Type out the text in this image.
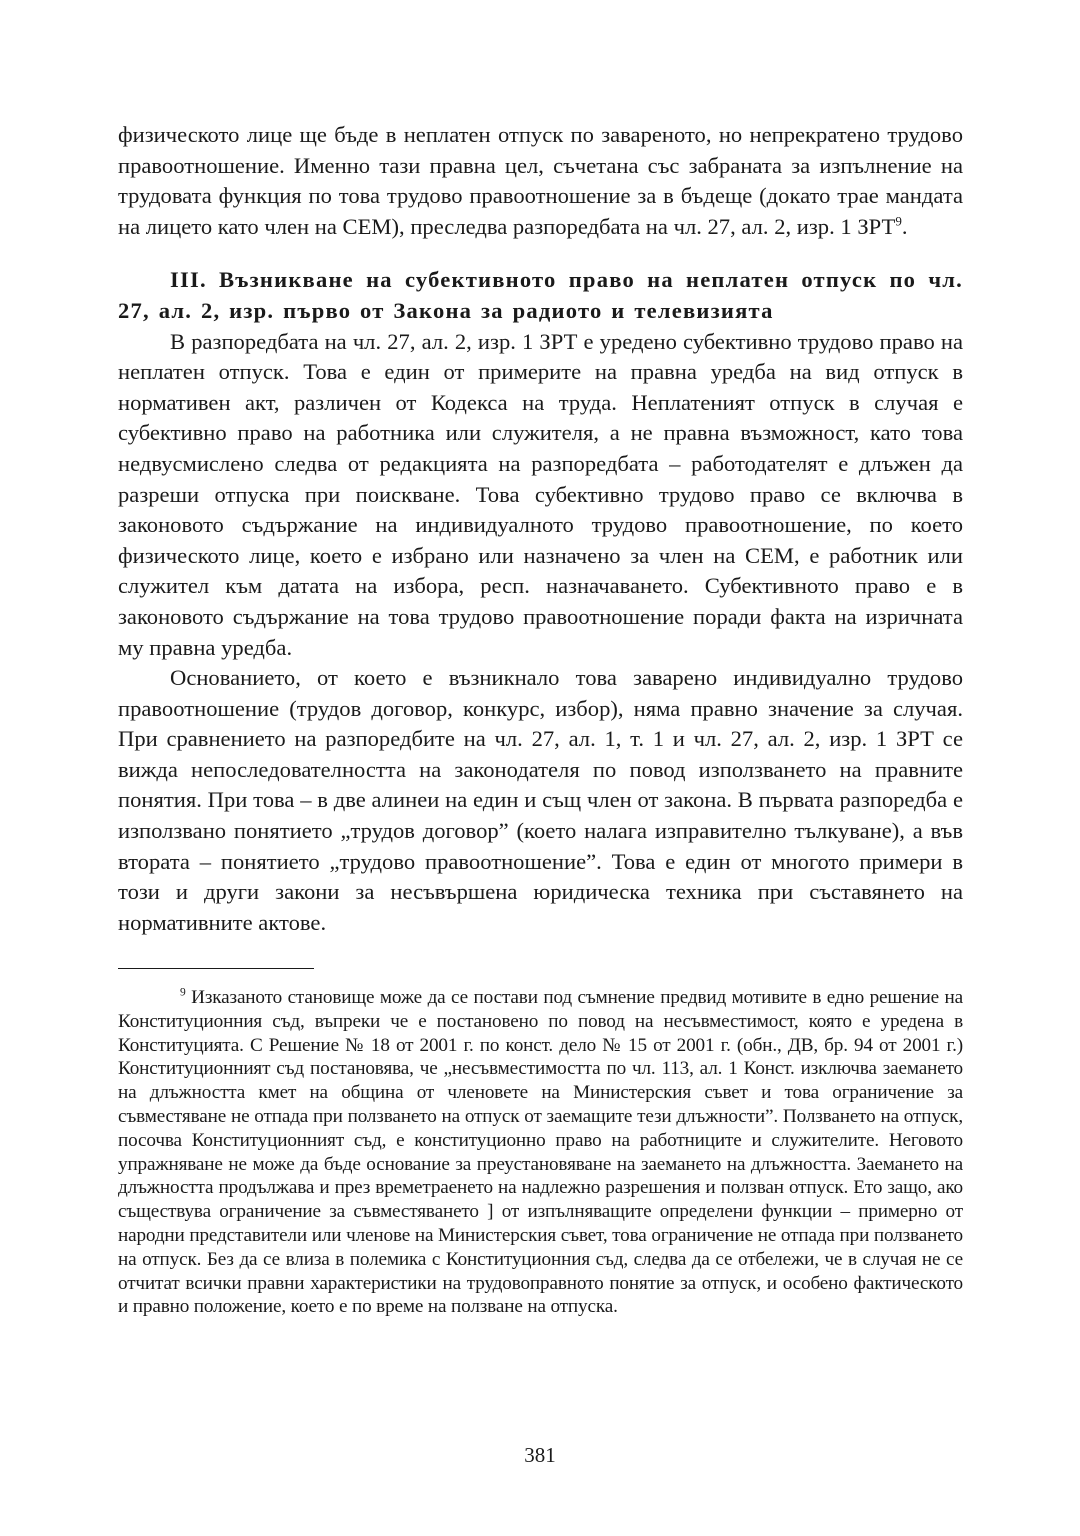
физическото лице ще бъде в неплатен отпуск по завареното, но непрекратено трудово правоотношение. Именно тази правна цел, съчетана със забраната за изпълнение на трудовата функция по това трудово правоотношение за в бъдеще (докато трае мандата на лицето като член на СЕМ), преследва разпоредбата на чл. 27, ал. 2, изр. 1 ЗРТ$^9$.

III. Възникване на субективното право на неплатен отпуск по чл. 27, ал. 2, изр. първо от Закона за радиото и телевизията

В разпоредбата на чл. 27, ал. 2, изр. 1 ЗРТ е уредено субективно трудово право на неплатен отпуск. Това е един от примерите на правна уредба на вид отпуск в нормативен акт, различен от Кодекса на труда. Неплатеният отпуск в случая е субективно право на работника или служителя, а не правна възможност, като това недвусмислено следва от редакцията на разпоредбата – работодателят е длъжен да разреши отпуска при поискване. Това субективно трудово право се включва в законовото съдържание на индивидуалното трудово правоотношение, по което физическото лице, което е избрано или назначено за член на СЕМ, е работник или служител към датата на избора, респ. назначаването. Субективното право е в законовото съдържание на това трудово правоотношение поради факта на изричната му правна уредба.

Основанието, от което е възникнало това заварено индивидуално трудово правоотношение (трудов договор, конкурс, избор), няма правно значение за случая. При сравнението на разпоредбите на чл. 27, ал. 1, т. 1 и чл. 27, ал. 2, изр. 1 ЗРТ се вижда непоследователността на законодателя по повод използването на правните понятия. При това – в две алинеи на един и същ член от закона. В първата разпоредба е използвано понятието „трудов договор” (което налага изправително тълкуване), а във втората – понятието „трудово правоотношение”. Това е един от многото примери в този и други закони за несъвършена юридическа техника при съставянето на нормативните актове.

$^9$ Изказаното становище може да се постави под съмнение предвид мотивите в едно решение на Конституционния съд, въпреки че е постановено по повод на несъвместимост, която е уредена в Конституцията. С Решение № 18 от 2001 г. по конст. дело № 15 от 2001 г. (обн., ДВ, бр. 94 от 2001 г.) Конституционният съд постановява, че „несъвместимостта по чл. 113, ал. 1 Конст. изключва заемането на длъжността кмет на община от членовете на Министерския съвет и това ограничение за съвместяване не отпада при ползването на отпуск от заемащите тези длъжности”. Ползването на отпуск, посочва Конституционният съд, е конституционно право на работниците и служителите. Неговото упражняване не може да бъде основание за преустановяване на заемането на длъжността. Заемането на длъжността продължава и през времетраенето на надлежно разрешения и ползван отпуск. Ето защо, ако съществува ограничение за съвместяването ] от изпълняващите определени функции – примерно от народни представители или членове на Министерския съвет, това ограничение не отпада при ползването на отпуск. Без да се влиза в полемика с Конституционния съд, следва да се отбележи, че в случая не се отчитат всички правни характеристики на трудовоправното понятие за отпуск, и особено фактическото и правно положение, което е по време на ползване на отпуска.

381
